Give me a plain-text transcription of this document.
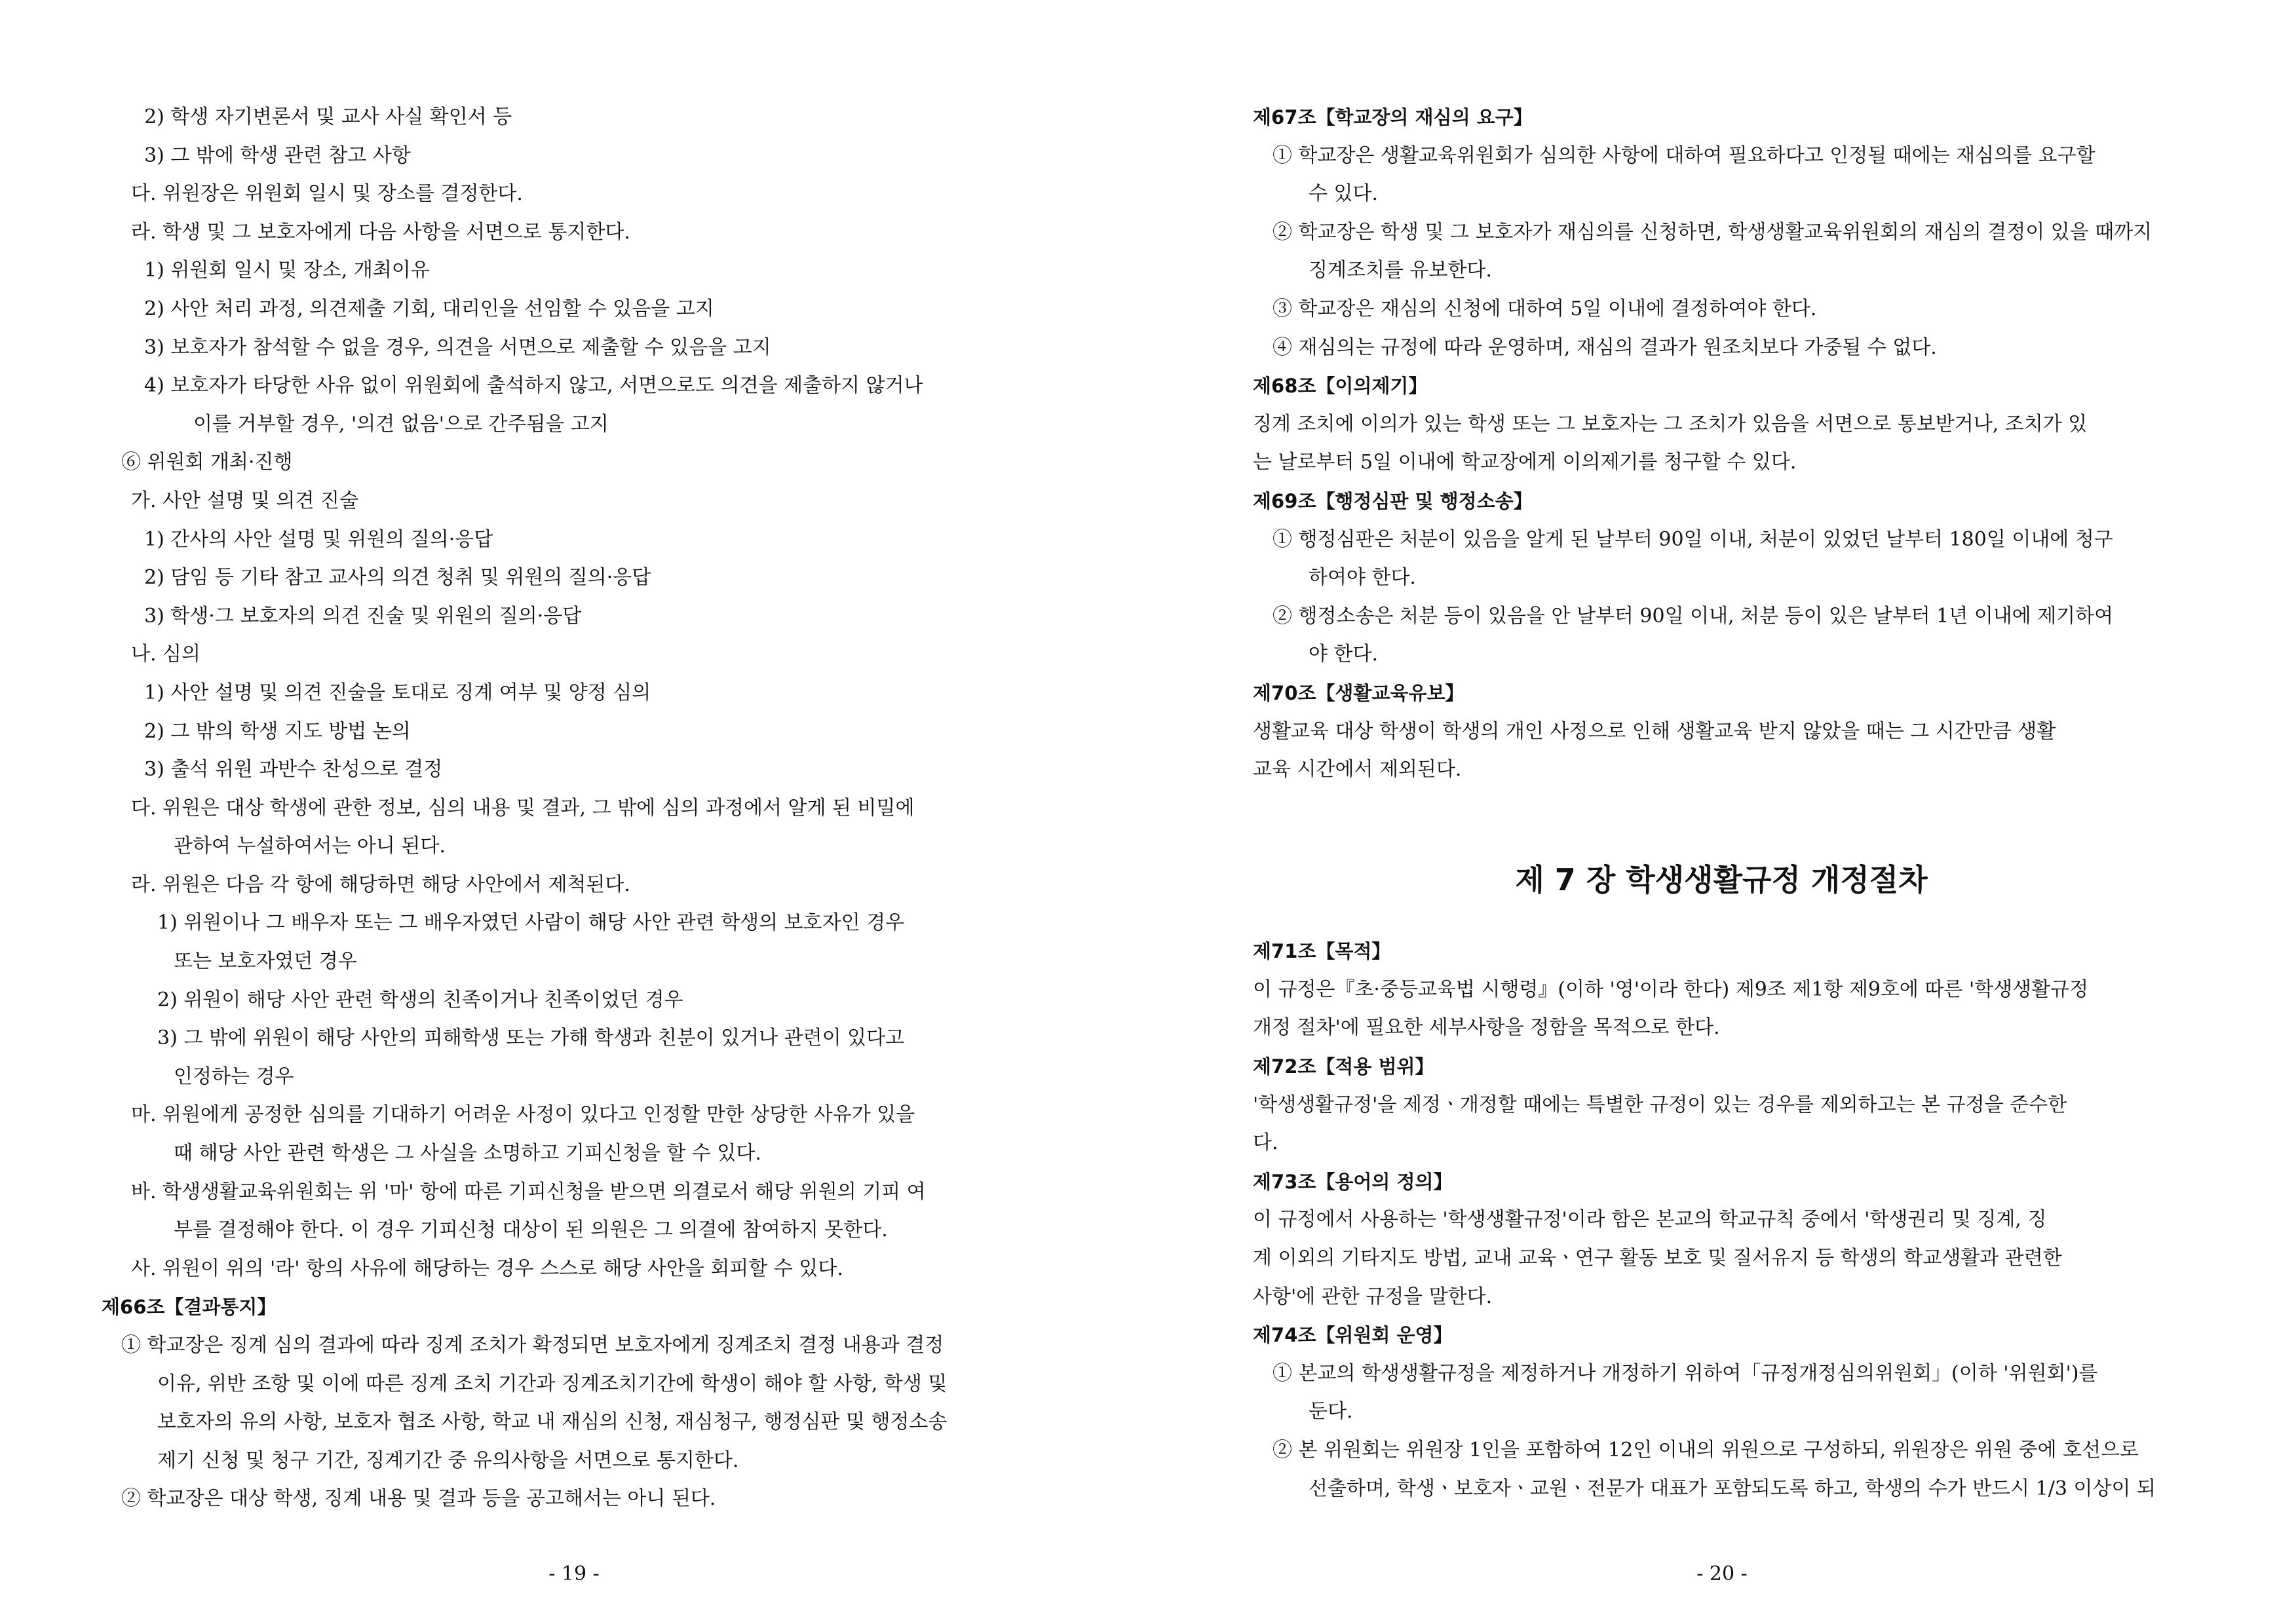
2) 학생 자기변론서 및 교사 사실 확인서 등
3) 그 밖에 학생 관련 참고 사항
다. 위원장은 위원회 일시 및 장소를 결정한다.
라. 학생 및 그 보호자에게 다음 사항을 서면으로 통지한다.
1) 위원회 일시 및 장소, 개최이유
2) 사안 처리 과정, 의견제출 기회, 대리인을 선임할 수 있음을 고지
3) 보호자가 참석할 수 없을 경우, 의견을 서면으로 제출할 수 있음을 고지
4) 보호자가 타당한 사유 없이 위원회에 출석하지 않고, 서면으로도 의견을 제출하지 않거나
이를 거부할 경우, '의견 없음'으로 간주됨을 고지
⑥ 위원회 개최·진행
가. 사안 설명 및 의견 진술
1) 간사의 사안 설명 및 위원의 질의·응답
2) 담임 등 기타 참고 교사의 의견 청취 및 위원의 질의·응답
3) 학생·그 보호자의 의견 진술 및 위원의 질의·응답
나. 심의
1) 사안 설명 및 의견 진술을 토대로 징계 여부 및 양정 심의
2) 그 밖의 학생 지도 방법 논의
3) 출석 위원 과반수 찬성으로 결정
다. 위원은 대상 학생에 관한 정보, 심의 내용 및 결과, 그 밖에 심의 과정에서 알게 된 비밀에
관하여 누설하여서는 아니 된다.
라. 위원은 다음 각 항에 해당하면 해당 사안에서 제척된다.
1) 위원이나 그 배우자 또는 그 배우자였던 사람이 해당 사안 관련 학생의 보호자인 경우
또는 보호자였던 경우
2) 위원이 해당 사안 관련 학생의 친족이거나 친족이었던 경우
3) 그 밖에 위원이 해당 사안의 피해학생 또는 가해 학생과 친분이 있거나 관련이 있다고
인정하는 경우
마. 위원에게 공정한 심의를 기대하기 어려운 사정이 있다고 인정할 만한 상당한 사유가 있을
때 해당 사안 관련 학생은 그 사실을 소명하고 기피신청을 할 수 있다.
바. 학생생활교육위원회는 위 '마' 항에 따른 기피신청을 받으면 의결로서 해당 위원의 기피 여
부를 결정해야 한다. 이 경우 기피신청 대상이 된 의원은 그 의결에 참여하지 못한다.
사. 위원이 위의 '라' 항의 사유에 해당하는 경우 스스로 해당 사안을 회피할 수 있다.
제66조【결과통지】
① 학교장은 징계 심의 결과에 따라 징계 조치가 확정되면 보호자에게 징계조치 결정 내용과 결정
이유, 위반 조항 및 이에 따른 징계 조치 기간과 징계조치기간에 학생이 해야 할 사항, 학생 및
보호자의 유의 사항, 보호자 협조 사항, 학교 내 재심의 신청, 재심청구, 행정심판 및 행정소송
제기 신청 및 청구 기간, 징계기간 중 유의사항을 서면으로 통지한다.
② 학교장은 대상 학생, 징계 내용 및 결과 등을 공고해서는 아니 된다.
- 19 -
제67조【학교장의 재심의 요구】
① 학교장은 생활교육위원회가 심의한 사항에 대하여 필요하다고 인정될 때에는 재심의를 요구할
수 있다.
② 학교장은 학생 및 그 보호자가 재심의를 신청하면, 학생생활교육위원회의 재심의 결정이 있을 때까지
징계조치를 유보한다.
③ 학교장은 재심의 신청에 대하여 5일 이내에 결정하여야 한다.
④ 재심의는 규정에 따라 운영하며, 재심의 결과가 원조치보다 가중될 수 없다.
제68조【이의제기】
징계 조치에 이의가 있는 학생 또는 그 보호자는 그 조치가 있음을 서면으로 통보받거나, 조치가 있
는 날로부터 5일 이내에 학교장에게 이의제기를 청구할 수 있다.
제69조【행정심판 및 행정소송】
① 행정심판은 처분이 있음을 알게 된 날부터 90일 이내, 처분이 있었던 날부터 180일 이내에 청구
하여야 한다.
② 행정소송은 처분 등이 있음을 안 날부터 90일 이내, 처분 등이 있은 날부터 1년 이내에 제기하여
야 한다.
제70조【생활교육유보】
생활교육 대상 학생이 학생의 개인 사정으로 인해 생활교육 받지 않았을 때는 그 시간만큼 생활
교육 시간에서 제외된다.
제 7 장 학생생활규정 개정절차
제71조【목적】
이 규정은『초·중등교육법 시행령』(이하 '영'이라 한다) 제9조 제1항 제9호에 따른 '학생생활규정
개정 절차'에 필요한 세부사항을 정함을 목적으로 한다.
제72조【적용 범위】
'학생생활규정'을 제정ㆍ개정할 때에는 특별한 규정이 있는 경우를 제외하고는 본 규정을 준수한
다.
제73조【용어의 정의】
이 규정에서 사용하는 '학생생활규정'이라 함은 본교의 학교규칙 중에서 '학생권리 및 징계, 징
계 이외의 기타지도 방법, 교내 교육ㆍ연구 활동 보호 및 질서유지 등 학생의 학교생활과 관련한
사항'에 관한 규정을 말한다.
제74조【위원회 운영】
① 본교의 학생생활규정을 제정하거나 개정하기 위하여「규정개정심의위원회」(이하 '위원회')를
둔다.
② 본 위원회는 위원장 1인을 포함하여 12인 이내의 위원으로 구성하되, 위원장은 위원 중에 호선으로
선출하며, 학생ㆍ보호자ㆍ교원ㆍ전문가 대표가 포함되도록 하고, 학생의 수가 반드시 1/3 이상이 되
- 20 -
